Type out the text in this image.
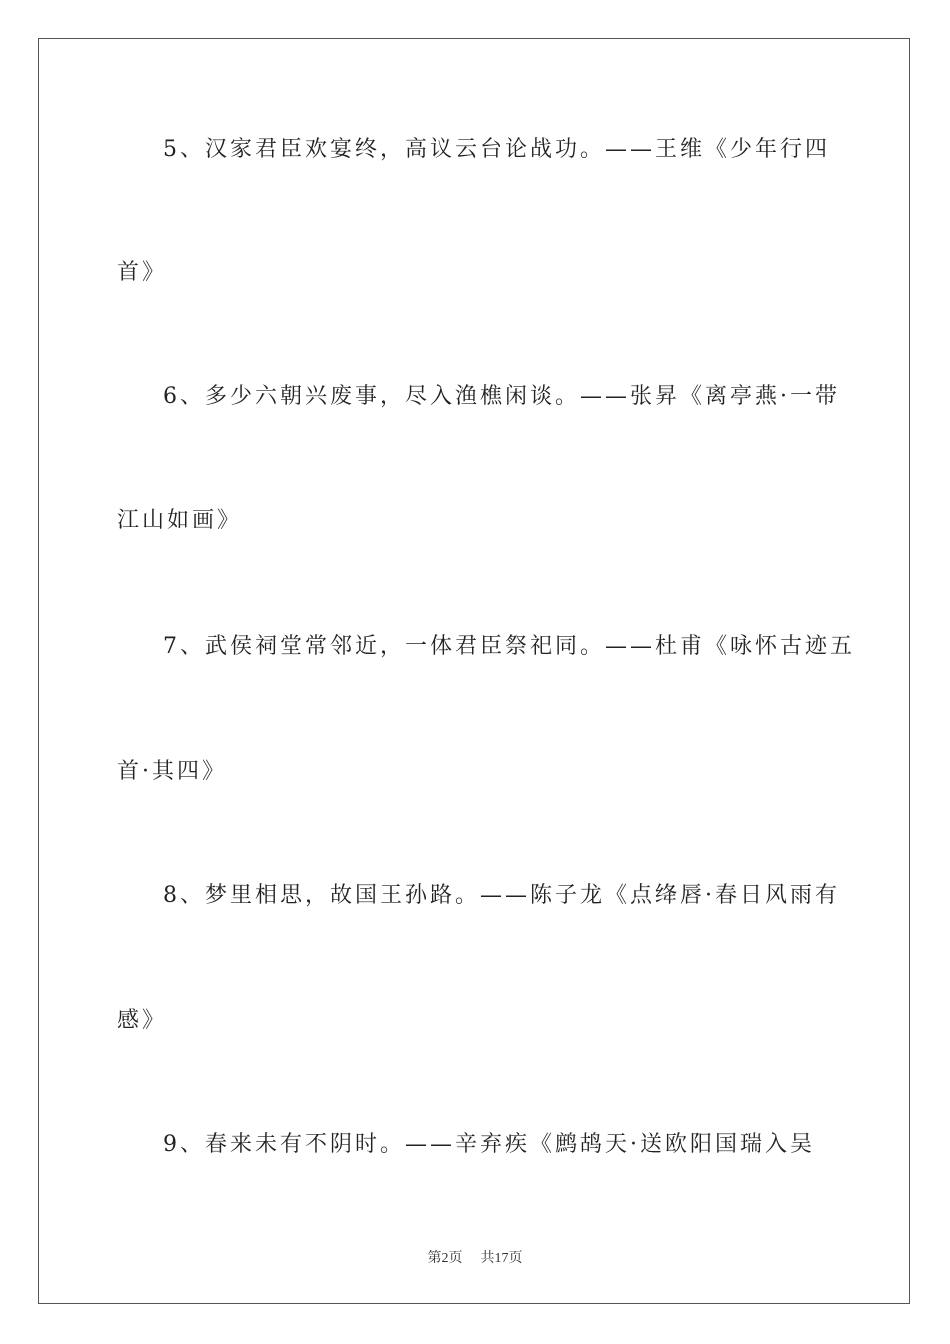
5、汉家君臣欢宴终，高议云台论战功。——王维《少年行四
首》
6、多少六朝兴废事，尽入渔樵闲谈。——张昇《离亭燕·一带
江山如画》
7、武侯祠堂常邻近，一体君臣祭祀同。——杜甫《咏怀古迹五
首·其四》
8、梦里相思，故国王孙路。——陈子龙《点绛唇·春日风雨有
感》
9、春来未有不阴时。——辛弃疾《鹧鸪天·送欧阳国瑞入吴
第2页 共17页
